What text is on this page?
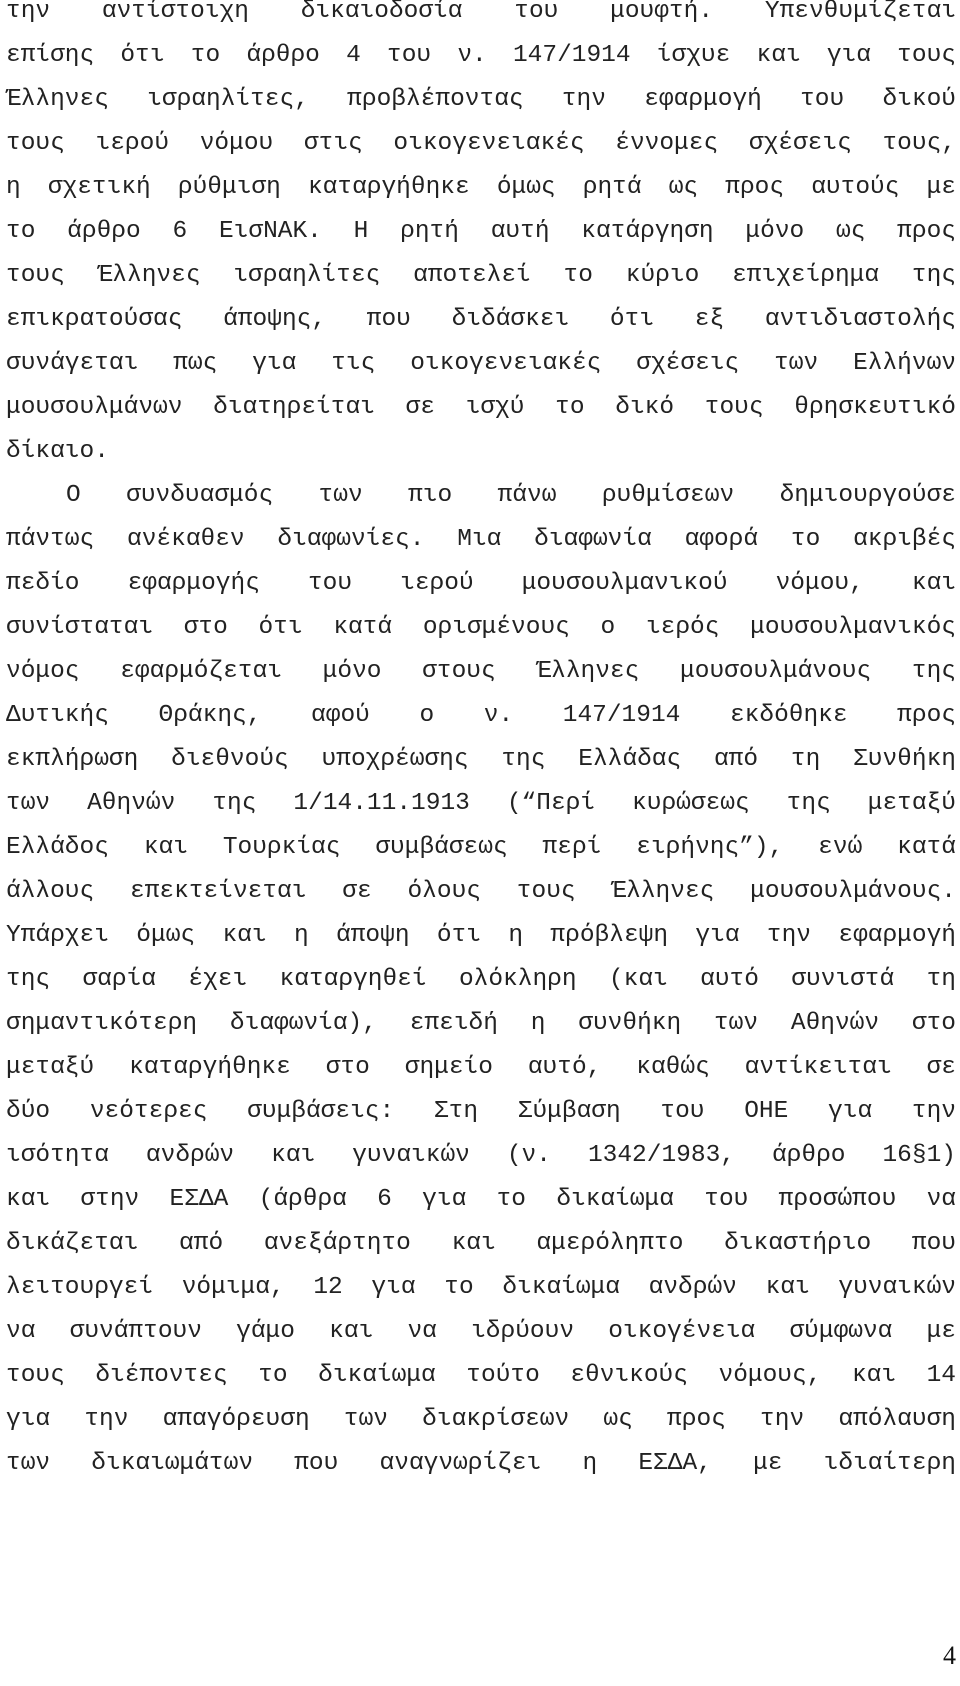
την αντίστοιχη δικαιοδοσία του μουφτή. Υπενθυμίζεται
επίσης ότι το άρθρο 4 του ν. 147/1914 ίσχυε και για τους
Έλληνες ισραηλίτες, προβλέποντας την εφαρμογή του δικού
τους ιερού νόμου στις οικογενειακές έννομες σχέσεις τους,
η σχετική ρύθμιση καταργήθηκε όμως ρητά ως προς αυτούς με
το άρθρο 6 ΕισΝΑΚ. Η ρητή αυτή κατάργηση μόνο ως προς
τους Έλληνες ισραηλίτες αποτελεί το κύριο επιχείρημα της
επικρατούσας άποψης, που διδάσκει ότι εξ αντιδιαστολής
συνάγεται πως για τις οικογενειακές σχέσεις των Ελλήνων
μουσουλμάνων διατηρείται σε ισχύ το δικό τους θρησκευτικό
δίκαιο.
Ο συνδυασμός των πιο πάνω ρυθμίσεων δημιουργούσε
πάντως ανέκαθεν διαφωνίες. Μια διαφωνία αφορά το ακριβές
πεδίο εφαρμογής του ιερού μουσουλμανικού νόμου, και
συνίσταται στο ότι κατά ορισμένους ο ιερός μουσουλμανικός
νόμος εφαρμόζεται μόνο στους Έλληνες μουσουλμάνους της
Δυτικής Θράκης, αφού ο ν. 147/1914 εκδόθηκε προς
εκπλήρωση διεθνούς υποχρέωσης της Ελλάδας από τη Συνθήκη
των Αθηνών της 1/14.11.1913 (“Περί κυρώσεως της μεταξύ
Ελλάδος και Τουρκίας συμβάσεως περί ειρήνης”), ενώ κατά
άλλους επεκτείνεται σε όλους τους Έλληνες μουσουλμάνους.
Υπάρχει όμως και η άποψη ότι η πρόβλεψη για την εφαρμογή
της σαρία έχει καταργηθεί ολόκληρη (και αυτό συνιστά τη
σημαντικότερη διαφωνία), επειδή η συνθήκη των Αθηνών στο
μεταξύ καταργήθηκε στο σημείο αυτό, καθώς αντίκειται σε
δύο νεότερες συμβάσεις: Στη Σύμβαση του ΟΗΕ για την
ισότητα ανδρών και γυναικών (ν. 1342/1983, άρθρο 16§1)
και στην ΕΣΔΑ (άρθρα 6 για το δικαίωμα του προσώπου να
δικάζεται από ανεξάρτητο και αμερόληπτο δικαστήριο που
λειτουργεί νόμιμα, 12 για το δικαίωμα ανδρών και γυναικών
να συνάπτουν γάμο και να ιδρύουν οικογένεια σύμφωνα με
τους διέποντες το δικαίωμα τούτο εθνικούς νόμους, και 14
για την απαγόρευση των διακρίσεων ως προς την απόλαυση
των δικαιωμάτων που αναγνωρίζει η ΕΣΔΑ, με ιδιαίτερη
4
